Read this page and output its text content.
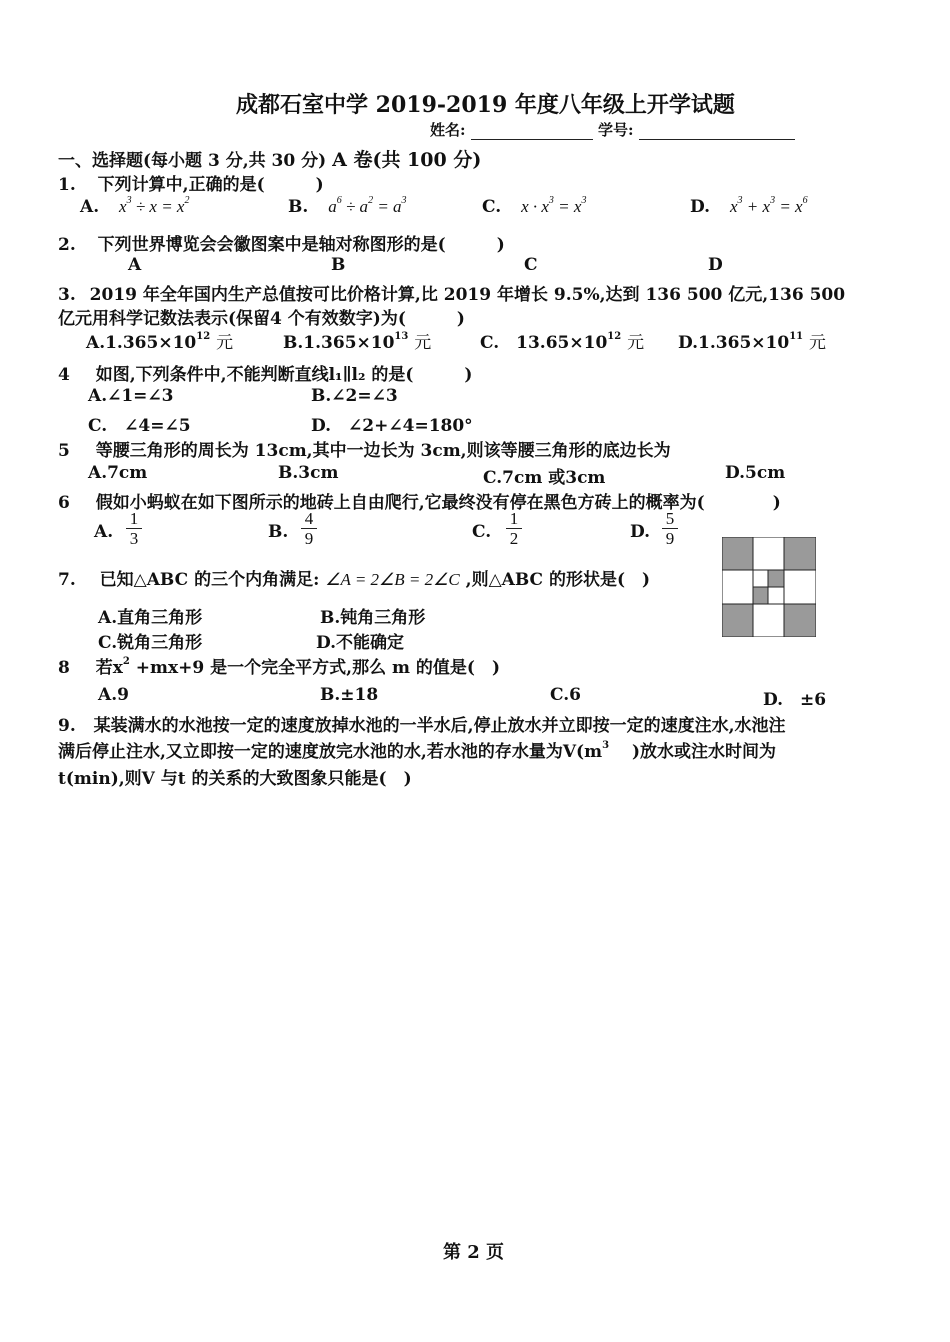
成都石室中学 2019-2019 年度八年级上开学试题
姓名:	学号:
一、选择题(每小题 3 分,共 30 分) A 卷(共 100 分)
1. 下列计算中,正确的是(　　　)
A. $x^3 \div x = x^2$	B. $a^6 \div a^2 = a^3$	C. $x \cdot x^3 = x^3$	D. $x^3 + x^3 = x^6$
2. 下列世界博览会会徽图案中是轴对称图形的是(　　　)
A	B	C	D
3. 2019 年全年国内生产总值按可比价格计算,比 2019 年增长 9.5%,达到 136 500 亿元,136 500
亿元用科学记数法表示(保留4 个有效数字)为(　　　)
$A.1.365\times 10^{12}$ 元	$B.1.365\times 10^{13}$ 元	C.　$13.65\times 10^{12}$ 元 $D.1.365\times 10^{11}$ 元
4 如图,下列条件中,不能判断直线l₁∥l₂ 的是(　　　)
A.∠1=∠3	B.∠2=∠3
C.　∠4=∠5	D.　∠2+∠4=180°
5 等腰三角形的周长为 13cm,其中一边长为 3cm,则该等腰三角形的底边长为
A.7cm	B.3cm	C.7cm 或3cm	D.5cm
6 假如小蚂蚁在如下图所示的地砖上自由爬行,它最终没有停在黑色方砖上的概率为(　　　　)
A. $\frac{1}{3}$	B. $\frac{4}{9}$	C. $\frac{1}{2}$	D. $\frac{5}{9}$
7. 已知△ABC 的三个内角满足: ∠A = 2∠B = 2∠C ,则△ABC 的形状是(　)
A.直角三角形	B.钝角三角形
C.锐角三角形	D.不能确定
8 若$x^2 +mx+9$ 是一个完全平方式,那么 m 的值是(　)
A.9	B.±18	C.6	D.　±6
9. 某装满水的水池按一定的速度放掉水池的一半水后,停止放水并立即按一定的速度注水,水池注
满后停止注水,又立即按一定的速度放完水池的水,若水池的存水量为$V(m^3$ 　)放水或注水时间为
t(min),则V 与t 的关系的大致图象只能是(　)
第 2 页
